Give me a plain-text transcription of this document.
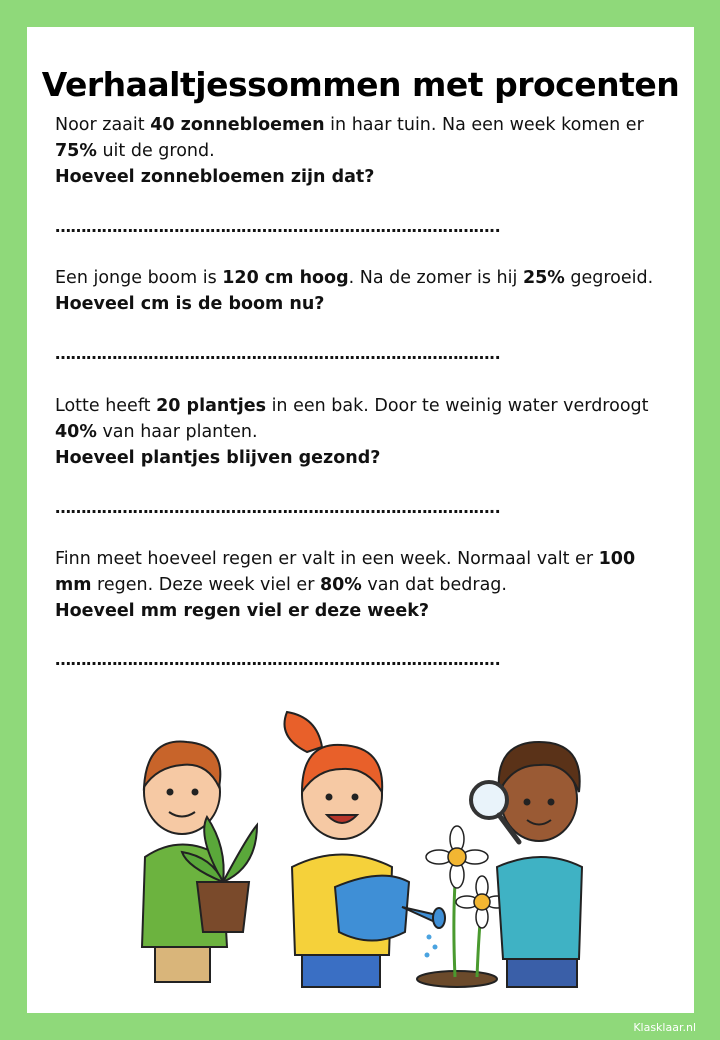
Verhaaltjessommen met procenten

Noor zaait 40 zonnebloemen in haar tuin. Na een week komen er
75% uit de grond.

Hoeveel zonnebloemen zijn dat?

…………………………………………………………………………..

Een jonge boom is 120 cm hoog. Na de zomer is hij 25% gegroeid.

Hoeveel cm is de boom nu?

…………………………………………………………………………..

Lotte heeft 20 plantjes in een bak. Door te weinig water verdroogt
40% van haar planten.

Hoeveel plantjes blijven gezond?

…………………………………………………………………………..

Finn meet hoeveel regen er valt in een week. Normaal valt er 100 mm regen. Deze week viel er 80% van dat bedrag.

Hoeveel mm regen viel er deze week?

…………………………………………………………………………..
Klasklaar.nl
